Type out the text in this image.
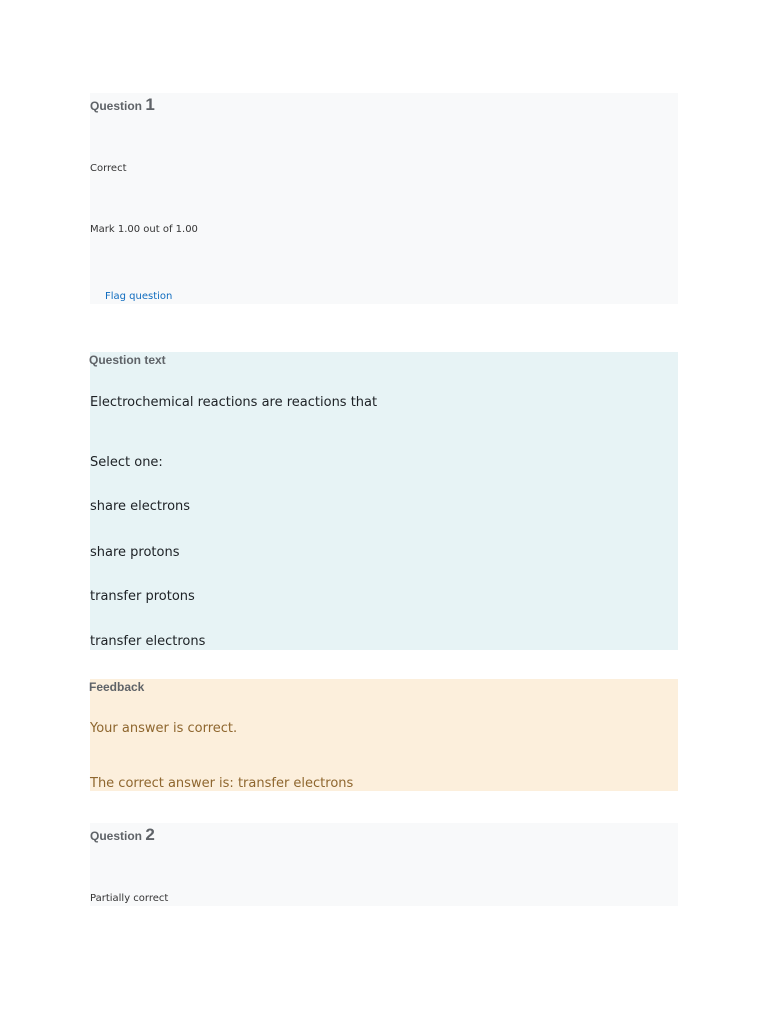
Question 1
Correct
Mark 1.00 out of 1.00
Flag question
Question text
Electrochemical reactions are reactions that
Select one:
share electrons
share protons
transfer protons
transfer electrons
Feedback
Your answer is correct.
The correct answer is: transfer electrons
Question 2
Partially correct
